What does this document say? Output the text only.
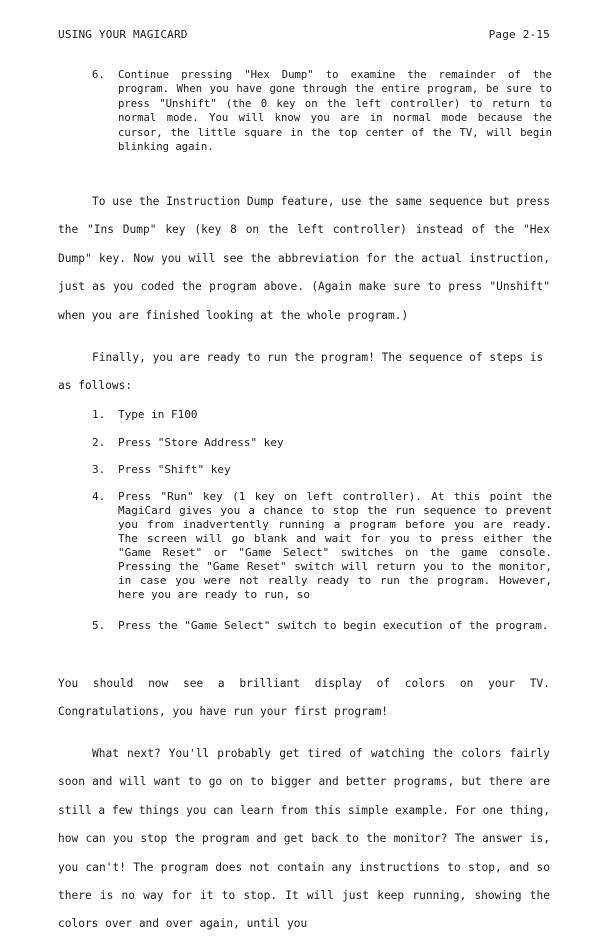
USING YOUR MAGICARD	Page 2-15
6. Continue pressing "Hex Dump" to examine the remainder of the program. When you have gone through the entire program, be sure to press "Unshift" (the 0 key on the left controller) to return to normal mode. You will know you are in normal mode because the cursor, the little square in the top center of the TV, will begin blinking again.
To use the Instruction Dump feature, use the same sequence but press the "Ins Dump" key (key 8 on the left controller) instead of the "Hex Dump" key. Now you will see the abbreviation for the actual instruction, just as you coded the program above. (Again make sure to press "Unshift" when you are finished looking at the whole program.)
Finally, you are ready to run the program! The sequence of steps is as follows:
1. Type in F100
2. Press "Store Address" key
3. Press "Shift" key
4. Press "Run" key (1 key on left controller). At this point the MagiCard gives you a chance to stop the run sequence to prevent you from inadvertently running a program before you are ready. The screen will go blank and wait for you to press either the "Game Reset" or "Game Select" switches on the game console. Pressing the "Game Reset" switch will return you to the monitor, in case you were not really ready to run the program. However, here you are ready to run, so
5. Press the "Game Select" switch to begin execution of the program.
You should now see a brilliant display of colors on your TV. Congratulations, you have run your first program!
What next? You'll probably get tired of watching the colors fairly soon and will want to go on to bigger and better programs, but there are still a few things you can learn from this simple example. For one thing, how can you stop the program and get back to the monitor? The answer is, you can't! The program does not contain any instructions to stop, and so there is no way for it to stop. It will just keep running, showing the colors over and over again, until you
